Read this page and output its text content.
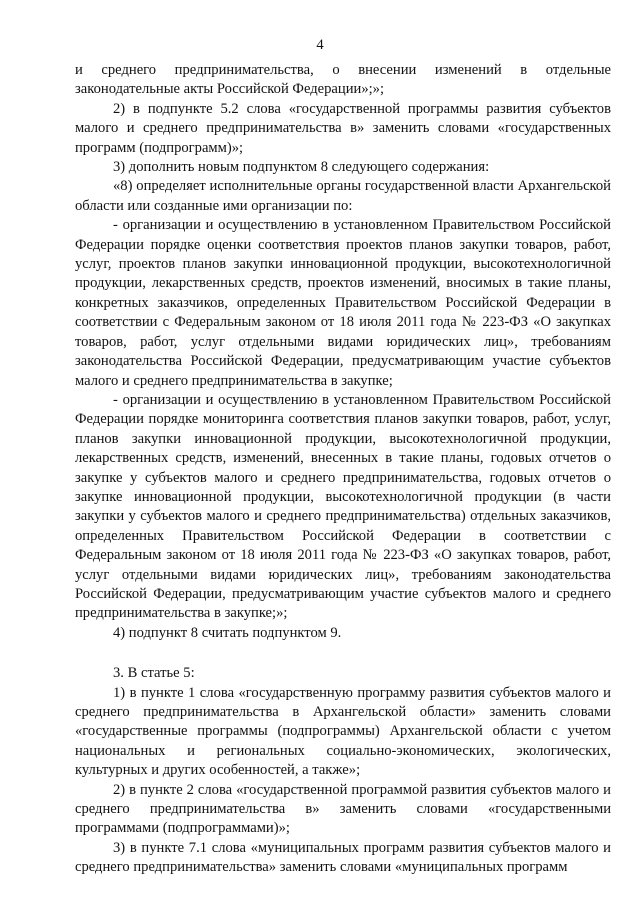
4

и среднего предпринимательства, о внесении изменений в отдельные законодательные акты Российской Федерации»;»;

2) в подпункте 5.2 слова «государственной программы развития субъектов малого и среднего предпринимательства в» заменить словами «государственных программ (подпрограмм)»;

3) дополнить новым подпунктом 8 следующего содержания:

«8) определяет исполнительные органы государственной власти Архангельской области или созданные ими организации по:

- организации и осуществлению в установленном Правительством Российской Федерации порядке оценки соответствия проектов планов закупки товаров, работ, услуг, проектов планов закупки инновационной продукции, высокотехнологичной продукции, лекарственных средств, проектов изменений, вносимых в такие планы, конкретных заказчиков, определенных Правительством Российской Федерации в соответствии с Федеральным законом от 18 июля 2011 года № 223-ФЗ «О закупках товаров, работ, услуг отдельными видами юридических лиц», требованиям законодательства Российской Федерации, предусматривающим участие субъектов малого и среднего предпринимательства в закупке;

- организации и осуществлению в установленном Правительством Российской Федерации порядке мониторинга соответствия планов закупки товаров, работ, услуг, планов закупки инновационной продукции, высокотехнологичной продукции, лекарственных средств, изменений, внесенных в такие планы, годовых отчетов о закупке у субъектов малого и среднего предпринимательства, годовых отчетов о закупке инновационной продукции, высокотехнологичной продукции (в части закупки у субъектов малого и среднего предпринимательства) отдельных заказчиков, определенных Правительством Российской Федерации в соответствии с Федеральным законом от 18 июля 2011 года № 223-ФЗ «О закупках товаров, работ, услуг отдельными видами юридических лиц», требованиям законодательства Российской Федерации, предусматривающим участие субъектов малого и среднего предпринимательства в закупке;»;

4) подпункт 8 считать подпунктом 9.

3. В статье 5:

1) в пункте 1 слова «государственную программу развития субъектов малого и среднего предпринимательства в Архангельской области» заменить словами «государственные программы (подпрограммы) Архангельской области с учетом национальных и региональных социально-экономических, экологических, культурных и других особенностей, а также»;

2) в пункте 2 слова «государственной программой развития субъектов малого и среднего предпринимательства в» заменить словами «государственными программами (подпрограммами)»;

3) в пункте 7.1 слова «муниципальных программ развития субъектов малого и среднего предпринимательства» заменить словами «муниципальных программ
